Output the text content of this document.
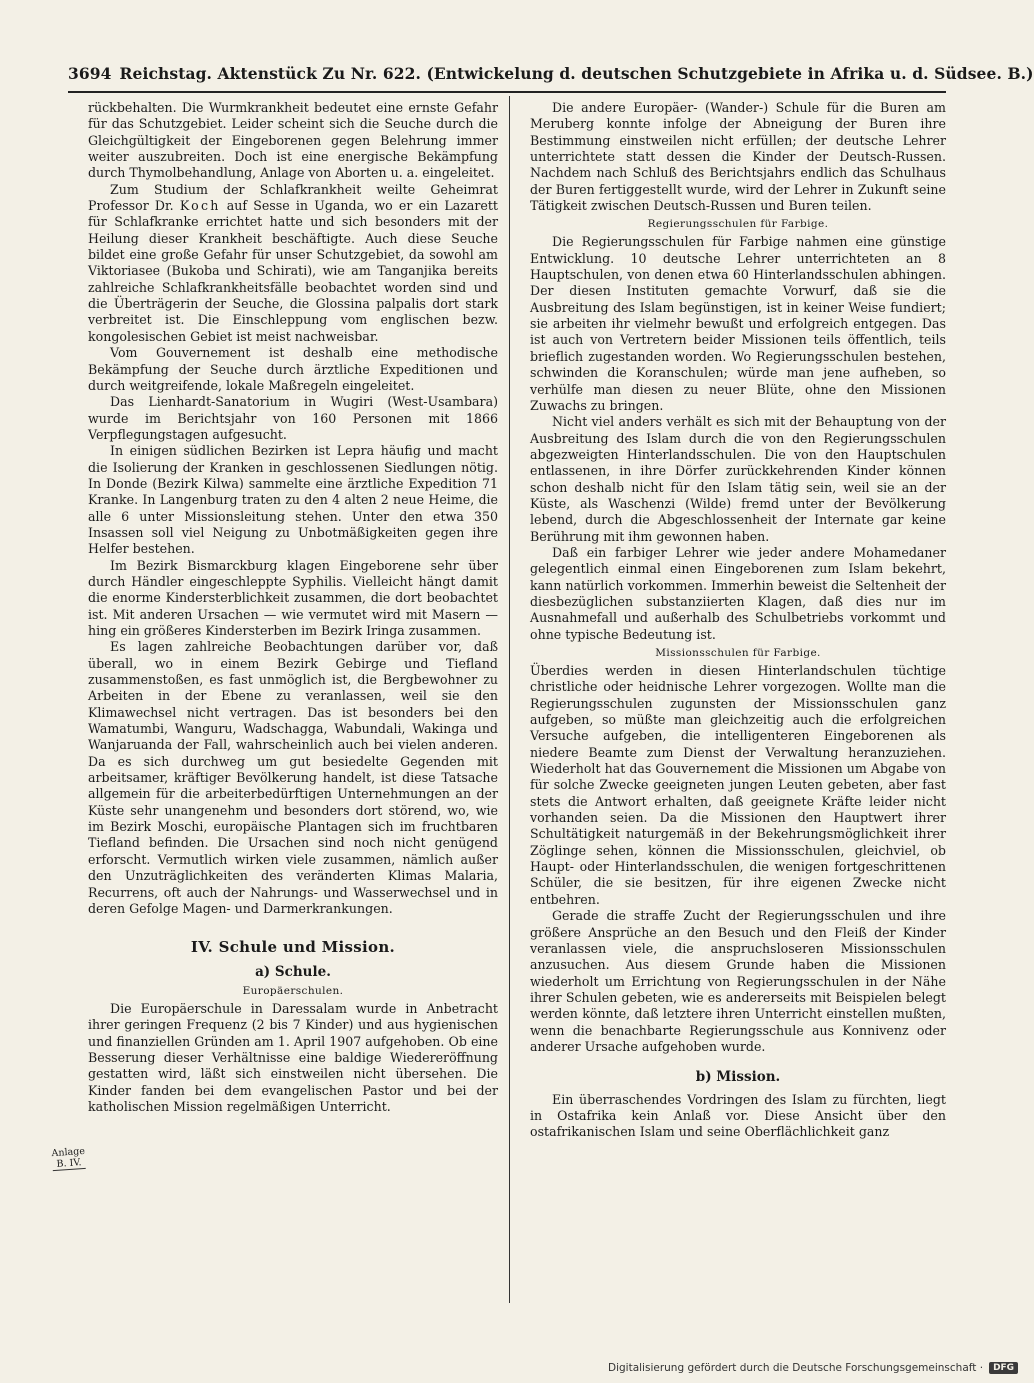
3694 Reichstag. Aktenstück Zu Nr. 622. (Entwickelung d. deutschen Schutzgebiete in Afrika u. d. Südsee. B.)
Anlage
B. IV.

rückbehalten. Die Wurmkrankheit bedeutet eine ernste Gefahr für das Schutzgebiet. Leider scheint sich die Seuche durch die Gleichgültigkeit der Eingeborenen gegen Belehrung immer weiter auszubreiten. Doch ist eine energische Bekämpfung durch Thymolbehandlung, Anlage von Aborten u. a. eingeleitet.

Zum Studium der Schlafkrankheit weilte Geheimrat Professor Dr. Koch auf Sesse in Uganda, wo er ein Lazarett für Schlafkranke errichtet hatte und sich besonders mit der Heilung dieser Krankheit beschäftigte. Auch diese Seuche bildet eine große Gefahr für unser Schutzgebiet, da sowohl am Viktoriasee (Bukoba und Schirati), wie am Tanganjika bereits zahlreiche Schlafkrankheitsfälle beobachtet worden sind und die Überträgerin der Seuche, die Glossina palpalis dort stark verbreitet ist. Die Einschleppung vom englischen bezw. kongolesischen Gebiet ist meist nachweisbar.

Vom Gouvernement ist deshalb eine methodische Bekämpfung der Seuche durch ärztliche Expeditionen und durch weitgreifende, lokale Maßregeln eingeleitet.

Das Lienhardt-Sanatorium in Wugiri (West-Usambara) wurde im Berichtsjahr von 160 Personen mit 1866 Verpflegungstagen aufgesucht.

In einigen südlichen Bezirken ist Lepra häufig und macht die Isolierung der Kranken in geschlossenen Siedlungen nötig. In Donde (Bezirk Kilwa) sammelte eine ärztliche Expedition 71 Kranke. In Langenburg traten zu den 4 alten 2 neue Heime, die alle 6 unter Missionsleitung stehen. Unter den etwa 350 Insassen soll viel Neigung zu Unbotmäßigkeiten gegen ihre Helfer bestehen.

Im Bezirk Bismarckburg klagen Eingeborene sehr über durch Händler eingeschleppte Syphilis. Vielleicht hängt damit die enorme Kindersterblichkeit zusammen, die dort beobachtet ist. Mit anderen Ursachen — wie vermutet wird mit Masern — hing ein größeres Kindersterben im Bezirk Iringa zusammen.

Es lagen zahlreiche Beobachtungen darüber vor, daß überall, wo in einem Bezirk Gebirge und Tiefland zusammenstoßen, es fast unmöglich ist, die Bergbewohner zu Arbeiten in der Ebene zu veranlassen, weil sie den Klimawechsel nicht vertragen. Das ist besonders bei den Wamatumbi, Wanguru, Wadschagga, Wabundali, Wakinga und Wanjaruanda der Fall, wahrscheinlich auch bei vielen anderen. Da es sich durchweg um gut besiedelte Gegenden mit arbeitsamer, kräftiger Bevölkerung handelt, ist diese Tatsache allgemein für die arbeiterbedürftigen Unternehmungen an der Küste sehr unangenehm und besonders dort störend, wo, wie im Bezirk Moschi, europäische Plantagen sich im fruchtbaren Tiefland befinden. Die Ursachen sind noch nicht genügend erforscht. Vermutlich wirken viele zusammen, nämlich außer den Unzuträglichkeiten des veränderten Klimas Malaria, Recurrens, oft auch der Nahrungs- und Wasserwechsel und in deren Gefolge Magen- und Darmerkrankungen.

IV. Schule und Mission.
a) Schule.
Europäerschulen.

Die Europäerschule in Daressalam wurde in Anbetracht ihrer geringen Frequenz (2 bis 7 Kinder) und aus hygienischen und finanziellen Gründen am 1. April 1907 aufgehoben. Ob eine Besserung dieser Verhältnisse eine baldige Wiedereröffnung gestatten wird, läßt sich einstweilen nicht übersehen. Die Kinder fanden bei dem evangelischen Pastor und bei der katholischen Mission regelmäßigen Unterricht.

Die andere Europäer- (Wander-) Schule für die Buren am Meruberg konnte infolge der Abneigung der Buren ihre Bestimmung einstweilen nicht erfüllen; der deutsche Lehrer unterrichtete statt dessen die Kinder der Deutsch-Russen. Nachdem nach Schluß des Berichtsjahrs endlich das Schulhaus der Buren fertiggestellt wurde, wird der Lehrer in Zukunft seine Tätigkeit zwischen Deutsch-Russen und Buren teilen.

Regierungsschulen für Farbige.

Die Regierungsschulen für Farbige nahmen eine günstige Entwicklung. 10 deutsche Lehrer unterrichteten an 8 Hauptschulen, von denen etwa 60 Hinterlandsschulen abhingen. Der diesen Instituten gemachte Vorwurf, daß sie die Ausbreitung des Islam begünstigen, ist in keiner Weise fundiert; sie arbeiten ihr vielmehr bewußt und erfolgreich entgegen. Das ist auch von Vertretern beider Missionen teils öffentlich, teils brieflich zugestanden worden. Wo Regierungsschulen bestehen, schwinden die Koranschulen; würde man jene aufheben, so verhülfe man diesen zu neuer Blüte, ohne den Missionen Zuwachs zu bringen.

Nicht viel anders verhält es sich mit der Behauptung von der Ausbreitung des Islam durch die von den Regierungsschulen abgezweigten Hinterlandsschulen. Die von den Hauptschulen entlassenen, in ihre Dörfer zurückkehrenden Kinder können schon deshalb nicht für den Islam tätig sein, weil sie an der Küste, als Waschenzi (Wilde) fremd unter der Bevölkerung lebend, durch die Abgeschlossenheit der Internate gar keine Berührung mit ihm gewonnen haben.

Daß ein farbiger Lehrer wie jeder andere Mohamedaner gelegentlich einmal einen Eingeborenen zum Islam bekehrt, kann natürlich vorkommen. Immerhin beweist die Seltenheit der diesbezüglichen substanziierten Klagen, daß dies nur im Ausnahmefall und außerhalb des Schulbetriebs vorkommt und ohne typische Bedeutung ist.

Missionsschulen für Farbige.

Überdies werden in diesen Hinterlandschulen tüchtige christliche oder heidnische Lehrer vorgezogen. Wollte man die Regierungsschulen zugunsten der Missionsschulen ganz aufgeben, so müßte man gleichzeitig auch die erfolgreichen Versuche aufgeben, die intelligenteren Eingeborenen als niedere Beamte zum Dienst der Verwaltung heranzuziehen. Wiederholt hat das Gouvernement die Missionen um Abgabe von für solche Zwecke geeigneten jungen Leuten gebeten, aber fast stets die Antwort erhalten, daß geeignete Kräfte leider nicht vorhanden seien. Da die Missionen den Hauptwert ihrer Schultätigkeit naturgemäß in der Bekehrungsmöglichkeit ihrer Zöglinge sehen, können die Missionsschulen, gleichviel, ob Haupt- oder Hinterlandsschulen, die wenigen fortgeschrittenen Schüler, die sie besitzen, für ihre eigenen Zwecke nicht entbehren.

Gerade die straffe Zucht der Regierungsschulen und ihre größere Ansprüche an den Besuch und den Fleiß der Kinder veranlassen viele, die anspruchsloseren Missionsschulen anzusuchen. Aus diesem Grunde haben die Missionen wiederholt um Errichtung von Regierungsschulen in der Nähe ihrer Schulen gebeten, wie es andererseits mit Beispielen belegt werden könnte, daß letztere ihren Unterricht einstellen mußten, wenn die benachbarte Regierungsschule aus Konnivenz oder anderer Ursache aufgehoben wurde.

b) Mission.

Ein überraschendes Vordringen des Islam zu fürchten, liegt in Ostafrika kein Anlaß vor. Diese Ansicht über den ostafrikanischen Islam und seine Oberflächlichkeit ganz

Digitalisierung gefördert durch die Deutsche Forschungsgemeinschaft ·	DFG
